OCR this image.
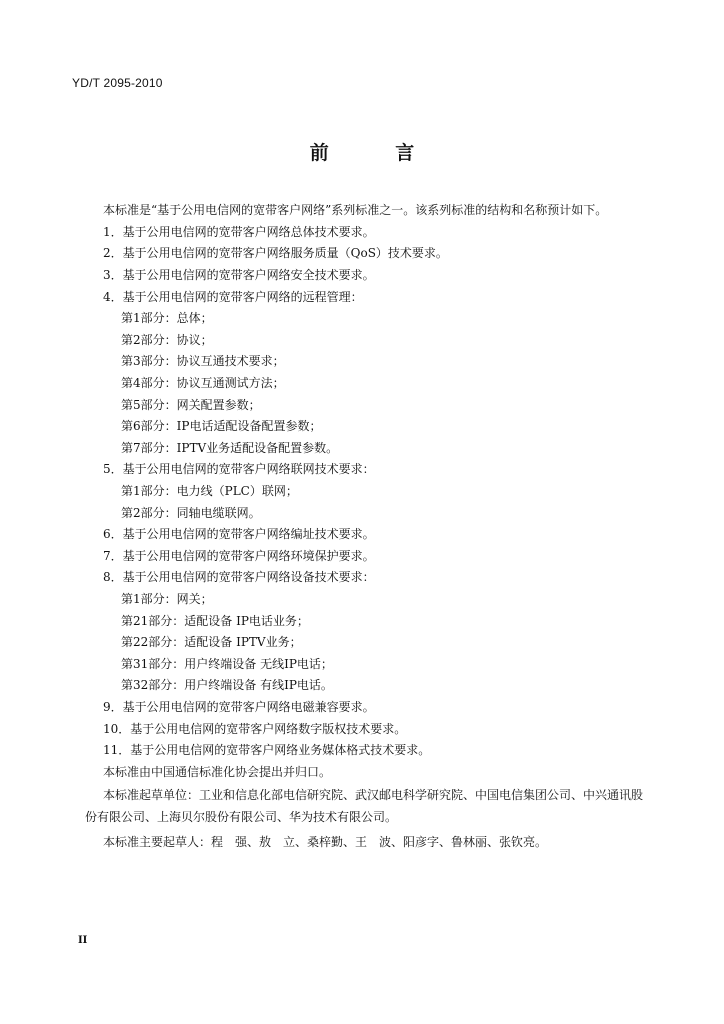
YD/T 2095-2010
前 言
本标准是“基于公用电信网的宽带客户网络”系列标准之一。该系列标准的结构和名称预计如下。
1．基于公用电信网的宽带客户网络总体技术要求。
2．基于公用电信网的宽带客户网络服务质量（QoS）技术要求。
3．基于公用电信网的宽带客户网络安全技术要求。
4．基于公用电信网的宽带客户网络的远程管理：
第1部分：总体；
第2部分：协议；
第3部分：协议互通技术要求；
第4部分：协议互通测试方法；
第5部分：网关配置参数；
第6部分：IP电话适配设备配置参数；
第7部分：IPTV业务适配设备配置参数。
5．基于公用电信网的宽带客户网络联网技术要求：
第1部分：电力线（PLC）联网；
第2部分：同轴电缆联网。
6．基于公用电信网的宽带客户网络编址技术要求。
7．基于公用电信网的宽带客户网络环境保护要求。
8．基于公用电信网的宽带客户网络设备技术要求：
第1部分：网关；
第21部分：适配设备 IP电话业务；
第22部分：适配设备 IPTV业务；
第31部分：用户终端设备 无线IP电话；
第32部分：用户终端设备 有线IP电话。
9．基于公用电信网的宽带客户网络电磁兼容要求。
10．基于公用电信网的宽带客户网络数字版权技术要求。
11．基于公用电信网的宽带客户网络业务媒体格式技术要求。
本标准由中国通信标准化协会提出并归口。
本标准起草单位：工业和信息化部电信研究院、武汉邮电科学研究院、中国电信集团公司、中兴通讯股份有限公司、上海贝尔股份有限公司、华为技术有限公司。
本标准主要起草人：程　强、敖　立、桑梓勤、王　波、阳彦字、鲁林丽、张钦亮。
II
